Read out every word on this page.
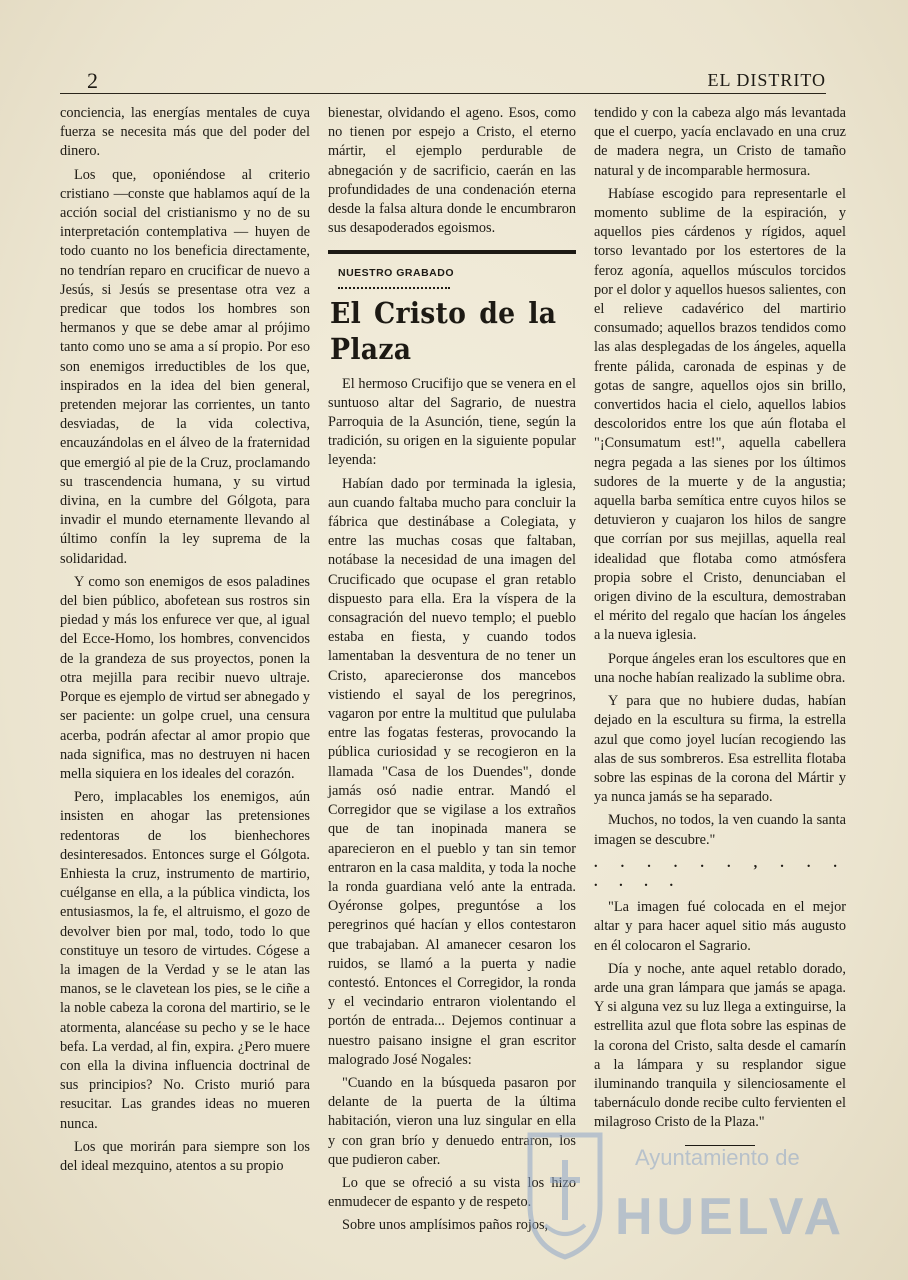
2	EL DISTRITO

conciencia, las energías mentales de cuya fuerza se necesita más que del poder del dinero.

Los que, oponiéndose al criterio cristiano —conste que hablamos aquí de la acción social del cristianismo y no de su interpretación contemplativa — huyen de todo cuanto no los beneficia directamente, no tendrían reparo en crucificar de nuevo a Jesús, si Jesús se presentase otra vez a predicar que todos los hombres son hermanos y que se debe amar al prójimo tanto como uno se ama a sí propio. Por eso son enemigos irreductibles de los que, inspirados en la idea del bien general, pretenden mejorar las corrientes, un tanto desviadas, de la vida colectiva, encauzándolas en el álveo de la fraternidad que emergió al pie de la Cruz, proclamando su trascendencia humana, y su virtud divina, en la cumbre del Gólgota, para invadir el mundo eternamente llevando al último confín la ley suprema de la solidaridad.

Y como son enemigos de esos paladines del bien público, abofetean sus rostros sin piedad y más los enfurece ver que, al igual del Ecce-Homo, los hombres, convencidos de la grandeza de sus proyectos, ponen la otra mejilla para recibir nuevo ultraje. Porque es ejemplo de virtud ser abnegado y ser paciente: un golpe cruel, una censura acerba, podrán afectar al amor propio que nada significa, mas no destruyen ni hacen mella siquiera en los ideales del corazón.

Pero, implacables los enemigos, aún insisten en ahogar las pretensiones redentoras de los bienhechores desinteresados. Entonces surge el Gólgota. Enhiesta la cruz, instrumento de martirio, cuélganse en ella, a la pública vindicta, los entusiasmos, la fe, el altruismo, el gozo de devolver bien por mal, todo, todo lo que constituye un tesoro de virtudes. Cógese a la imagen de la Verdad y se le atan las manos, se le clavetean los pies, se le ciñe a la noble cabeza la corona del martirio, se le atormenta, alancéase su pecho y se le hace befa. La verdad, al fin, expira. ¿Pero muere con ella la divina influencia doctrinal de sus principios? No. Cristo murió para resucitar. Las grandes ideas no mueren nunca.

Los que morirán para siempre son los del ideal mezquino, atentos a su propio

bienestar, olvidando el ageno. Esos, como no tienen por espejo a Cristo, el eterno mártir, el ejemplo perdurable de abnegación y de sacrificio, caerán en las profundidades de una condenación eterna desde la falsa altura donde le encumbraron sus desapoderados egoismos.

NUESTRO GRABADO
El Cristo de la Plaza

El hermoso Crucifijo que se venera en el suntuoso altar del Sagrario, de nuestra Parroquia de la Asunción, tiene, según la tradición, su origen en la siguiente popular leyenda:

Habían dado por terminada la iglesia, aun cuando faltaba mucho para concluir la fábrica que destinábase a Colegiata, y entre las muchas cosas que faltaban, notábase la necesidad de una imagen del Crucificado que ocupase el gran retablo dispuesto para ella. Era la víspera de la consagración del nuevo templo; el pueblo estaba en fiesta, y cuando todos lamentaban la desventura de no tener un Cristo, aparecieronse dos mancebos vistiendo el sayal de los peregrinos, vagaron por entre la multitud que pululaba entre las fogatas festeras, provocando la pública curiosidad y se recogieron en la llamada "Casa de los Duendes", donde jamás osó nadie entrar. Mandó el Corregidor que se vigilase a los extraños que de tan inopinada manera se aparecieron en el pueblo y tan sin temor entraron en la casa maldita, y toda la noche la ronda guardiana veló ante la entrada. Oyéronse golpes, preguntóse a los peregrinos qué hacían y ellos contestaron que trabajaban. Al amanecer cesaron los ruidos, se llamó a la puerta y nadie contestó. Entonces el Corregidor, la ronda y el vecindario entraron violentando el portón de entrada... Dejemos continuar a nuestro paisano insigne el gran escritor malogrado José Nogales:

"Cuando en la búsqueda pasaron por delante de la puerta de la última habitación, vieron una luz singular en ella y con gran brío y denuedo entraron, los que pudieron caber.

Lo que se ofreció a su vista los hizo enmudecer de espanto y de respeto.

Sobre unos amplísimos paños rojos,

tendido y con la cabeza algo más levantada que el cuerpo, yacía enclavado en una cruz de madera negra, un Cristo de tamaño natural y de incomparable hermosura.

Habíase escogido para representarle el momento sublime de la espiración, y aquellos pies cárdenos y rígidos, aquel torso levantado por los estertores de la feroz agonía, aquellos músculos torcidos por el dolor y aquellos huesos salientes, con el relieve cadavérico del martirio consumado; aquellos brazos tendidos como las alas desplegadas de los ángeles, aquella frente pálida, caronada de espinas y de gotas de sangre, aquellos ojos sin brillo, convertidos hacia el cielo, aquellos labios descoloridos entre los que aún flotaba el "¡Consumatum est!", aquella cabellera negra pegada a las sienes por los últimos sudores de la muerte y de la angustia; aquella barba semítica entre cuyos hilos se detuvieron y cuajaron los hilos de sangre que corrían por sus mejillas, aquella real idealidad que flotaba como atmósfera propia sobre el Cristo, denunciaban el origen divino de la escultura, demostraban el mérito del regalo que hacían los ángeles a la nueva iglesia.

Porque ángeles eran los escultores que en una noche habían realizado la sublime obra.

Y para que no hubiere dudas, habían dejado en la escultura su firma, la estrella azul que como joyel lucían recogiendo las alas de sus sombreros. Esa estrellita flotaba sobre las espinas de la corona del Mártir y ya nunca jamás se ha separado.

Muchos, no todos, la ven cuando la santa imagen se descubre."

. . . . . . , . . . . . . .

"La imagen fué colocada en el mejor altar y para hacer aquel sitio más augusto en él colocaron el Sagrario.

Día y noche, ante aquel retablo dorado, arde una gran lámpara que jamás se apaga. Y si alguna vez su luz llega a extinguirse, la estrellita azul que flota sobre las espinas de la corona del Cristo, salta desde el camarín a la lámpara y su resplandor sigue iluminando tranquila y silenciosamente el tabernáculo donde recibe culto fervienten el milagroso Cristo de la Plaza."

Ayuntamiento de
HUELVA
